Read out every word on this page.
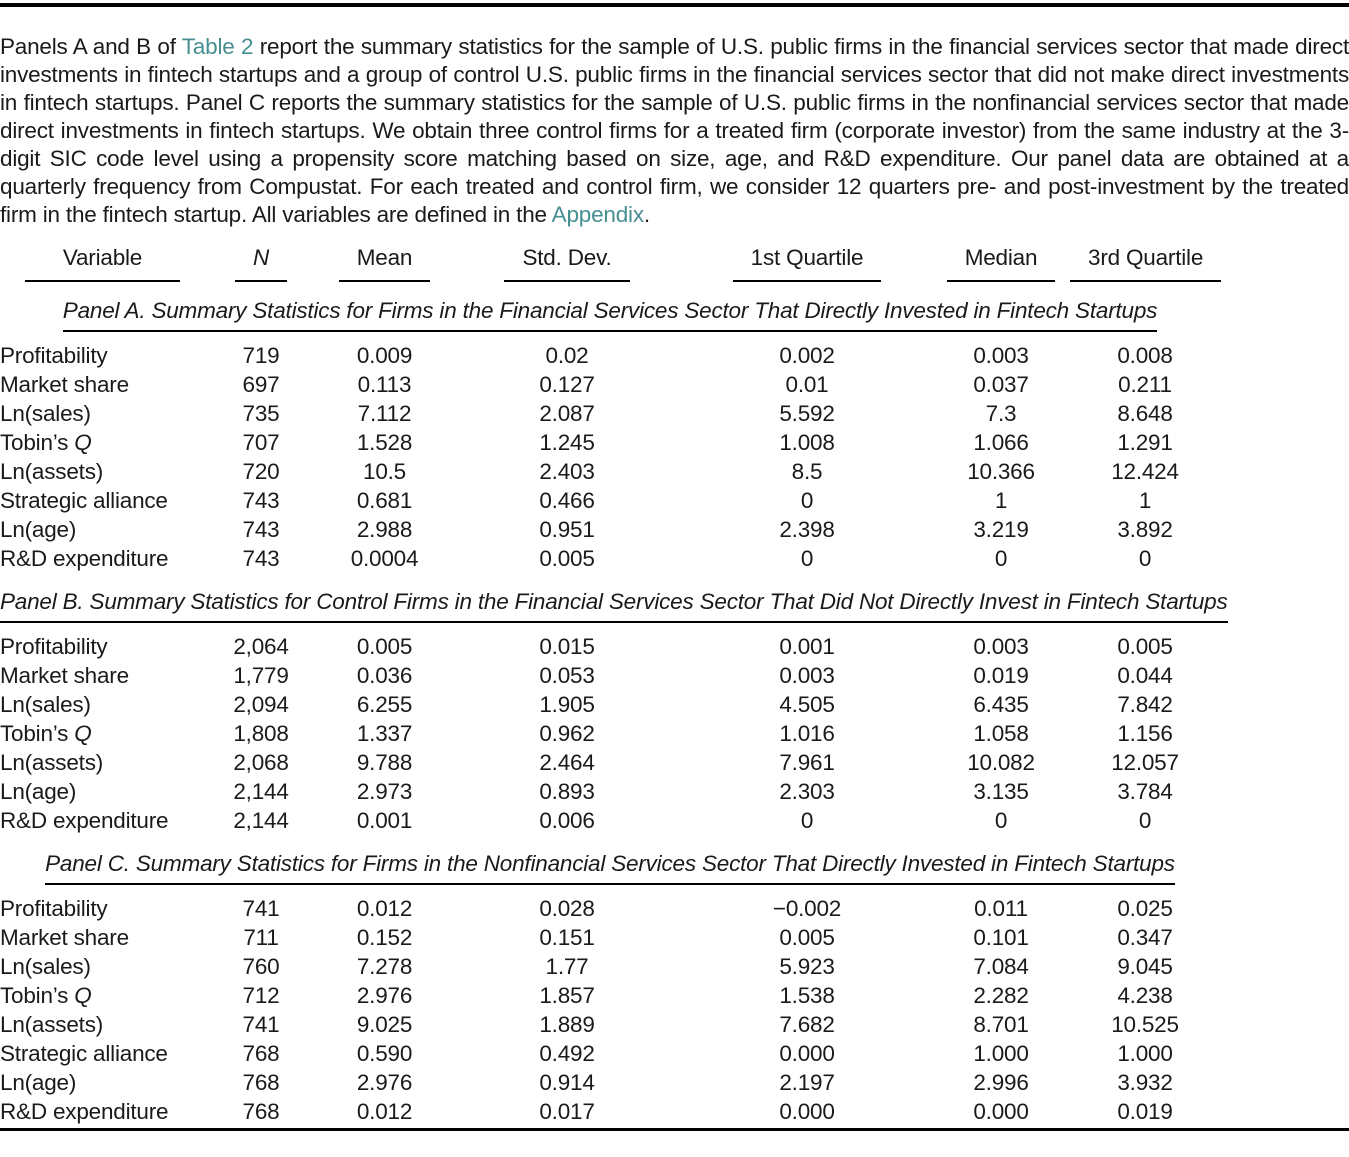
Panels A and B of Table 2 report the summary statistics for the sample of U.S. public firms in the financial services sector that made direct investments in fintech startups and a group of control U.S. public firms in the financial services sector that did not make direct investments in fintech startups. Panel C reports the summary statistics for the sample of U.S. public firms in the nonfinancial services sector that made direct investments in fintech startups. We obtain three control firms for a treated firm (corporate investor) from the same industry at the 3-digit SIC code level using a propensity score matching based on size, age, and R&D expenditure. Our panel data are obtained at a quarterly frequency from Compustat. For each treated and control firm, we consider 12 quarters pre- and post-investment by the treated firm in the fintech startup. All variables are defined in the Appendix.

Variable	N	Mean	Std. Dev.	1st Quartile	Median	3rd Quartile
Panel A. Summary Statistics for Firms in the Financial Services Sector That Directly Invested in Fintech Startups						
Profitability	719	0.009	0.02	0.002	0.003	0.008
Market share	697	0.113	0.127	0.01	0.037	0.211
Ln(sales)	735	7.112	2.087	5.592	7.3	8.648
Tobin’s Q	707	1.528	1.245	1.008	1.066	1.291
Ln(assets)	720	10.5	2.403	8.5	10.366	12.424
Strategic alliance	743	0.681	0.466	0	1	1
Ln(age)	743	2.988	0.951	2.398	3.219	3.892
R&D expenditure	743	0.0004	0.005	0	0	0
Panel B. Summary Statistics for Control Firms in the Financial Services Sector That Did Not Directly Invest in Fintech Startups						
Profitability	2,064	0.005	0.015	0.001	0.003	0.005
Market share	1,779	0.036	0.053	0.003	0.019	0.044
Ln(sales)	2,094	6.255	1.905	4.505	6.435	7.842
Tobin’s Q	1,808	1.337	0.962	1.016	1.058	1.156
Ln(assets)	2,068	9.788	2.464	7.961	10.082	12.057
Ln(age)	2,144	2.973	0.893	2.303	3.135	3.784
R&D expenditure	2,144	0.001	0.006	0	0	0
Panel C. Summary Statistics for Firms in the Nonfinancial Services Sector That Directly Invested in Fintech Startups						
Profitability	741	0.012	0.028	−0.002	0.011	0.025
Market share	711	0.152	0.151	0.005	0.101	0.347
Ln(sales)	760	7.278	1.77	5.923	7.084	9.045
Tobin’s Q	712	2.976	1.857	1.538	2.282	4.238
Ln(assets)	741	9.025	1.889	7.682	8.701	10.525
Strategic alliance	768	0.590	0.492	0.000	1.000	1.000
Ln(age)	768	2.976	0.914	2.197	2.996	3.932
R&D expenditure	768	0.012	0.017	0.000	0.000	0.019
